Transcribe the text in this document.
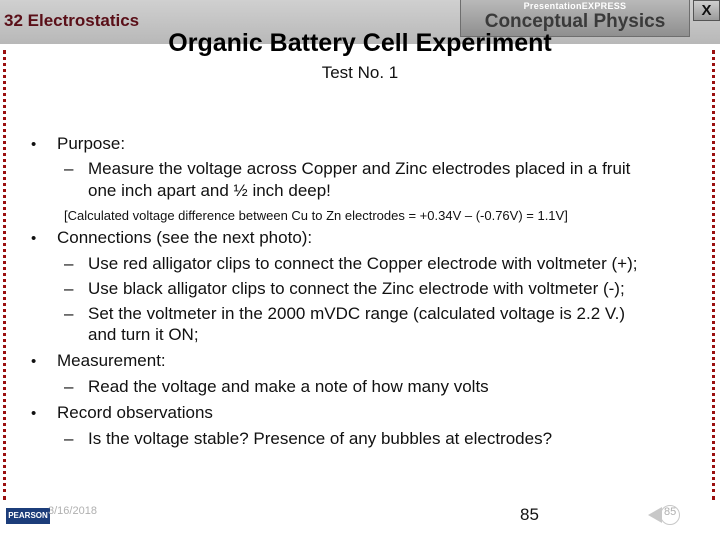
32 Electrostatics
PresentationEXPRESS
Conceptual Physics
X
Organic Battery Cell Experiment
Test No. 1
• Purpose:
– Measure the voltage across Copper and Zinc electrodes placed in a fruit
one inch apart and ½ inch deep!
[Calculated voltage difference between Cu to Zn electrodes = +0.34V – (-0.76V) = 1.1V]
• Connections (see the next photo):
– Use red alligator clips to connect the Copper electrode with voltmeter (+);
– Use black alligator clips to connect the Zinc electrode with voltmeter (-);
– Set the voltmeter in the 2000 mVDC range (calculated voltage is 2.2 V.)
and turn it ON;
• Measurement:
– Read the voltage and make a note of how many volts
• Record observations
– Is the voltage stable? Presence of any bubbles at electrodes?
PEARSON 3/16/2018	85	85
